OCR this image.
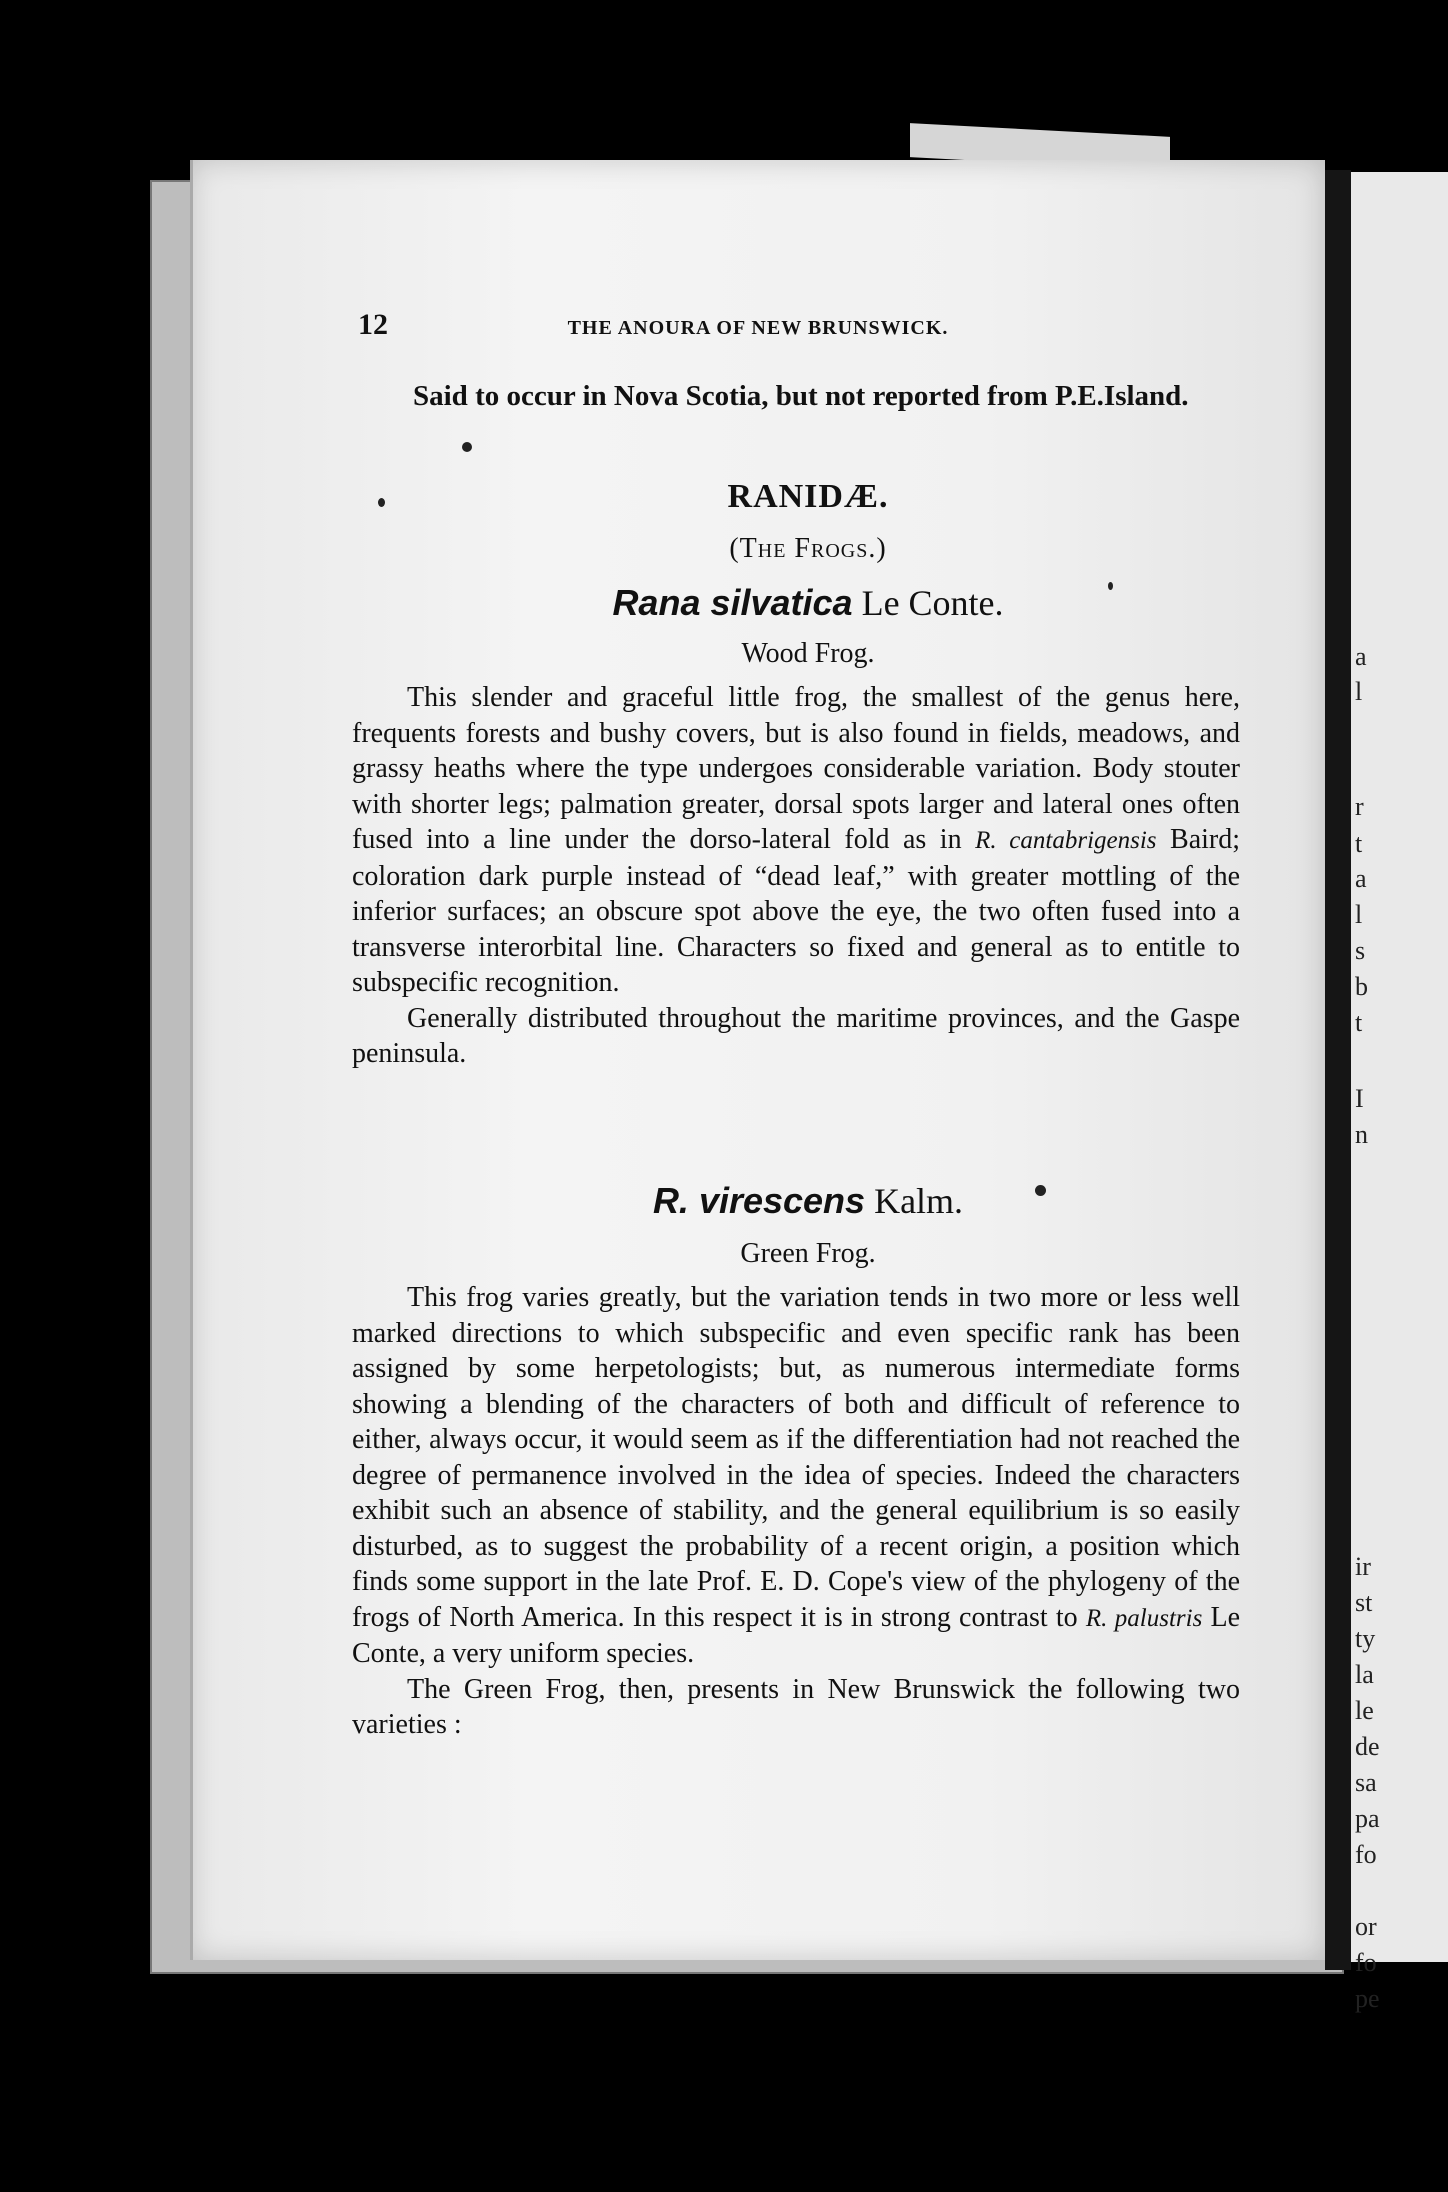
a
l
r
t
a
l
s
b
t
I
n
ir
st
ty
la
le
de
sa
pa
fo
or
fo
pe
12	THE ANOURA OF NEW BRUNSWICK.
Said to occur in Nova Scotia, but not reported from P.E.Island.
RANIDÆ.
(The Frogs.)
Rana silvatica Le Conte.
Wood Frog.

This slender and graceful little frog, the smallest of the genus here, frequents forests and bushy covers, but is also found in fields, meadows, and grassy heaths where the type undergoes considerable variation. Body stouter with shorter legs; palmation greater, dorsal spots larger and lateral ones often fused into a line under the dorso-lateral fold as in R. cantabrigensis Baird; coloration dark purple instead of “dead leaf,” with greater mottling of the inferior surfaces; an obscure spot above the eye, the two often fused into a transverse interorbital line. Characters so fixed and general as to entitle to subspecific recognition.

Generally distributed throughout the maritime provinces, and the Gaspe peninsula.

R. virescens Kalm.
Green Frog.

This frog varies greatly, but the variation tends in two more or less well marked directions to which subspecific and even specific rank has been assigned by some herpetologists; but, as numerous intermediate forms showing a blending of the characters of both and difficult of reference to either, always occur, it would seem as if the differentiation had not reached the degree of permanence involved in the idea of species. Indeed the characters exhibit such an absence of stability, and the general equilibrium is so easily disturbed, as to suggest the probability of a recent origin, a position which finds some support in the late Prof. E. D. Cope's view of the phylogeny of the frogs of North America. In this respect it is in strong contrast to R. palustris Le Conte, a very uniform species.

The Green Frog, then, presents in New Brunswick the following two varieties :
